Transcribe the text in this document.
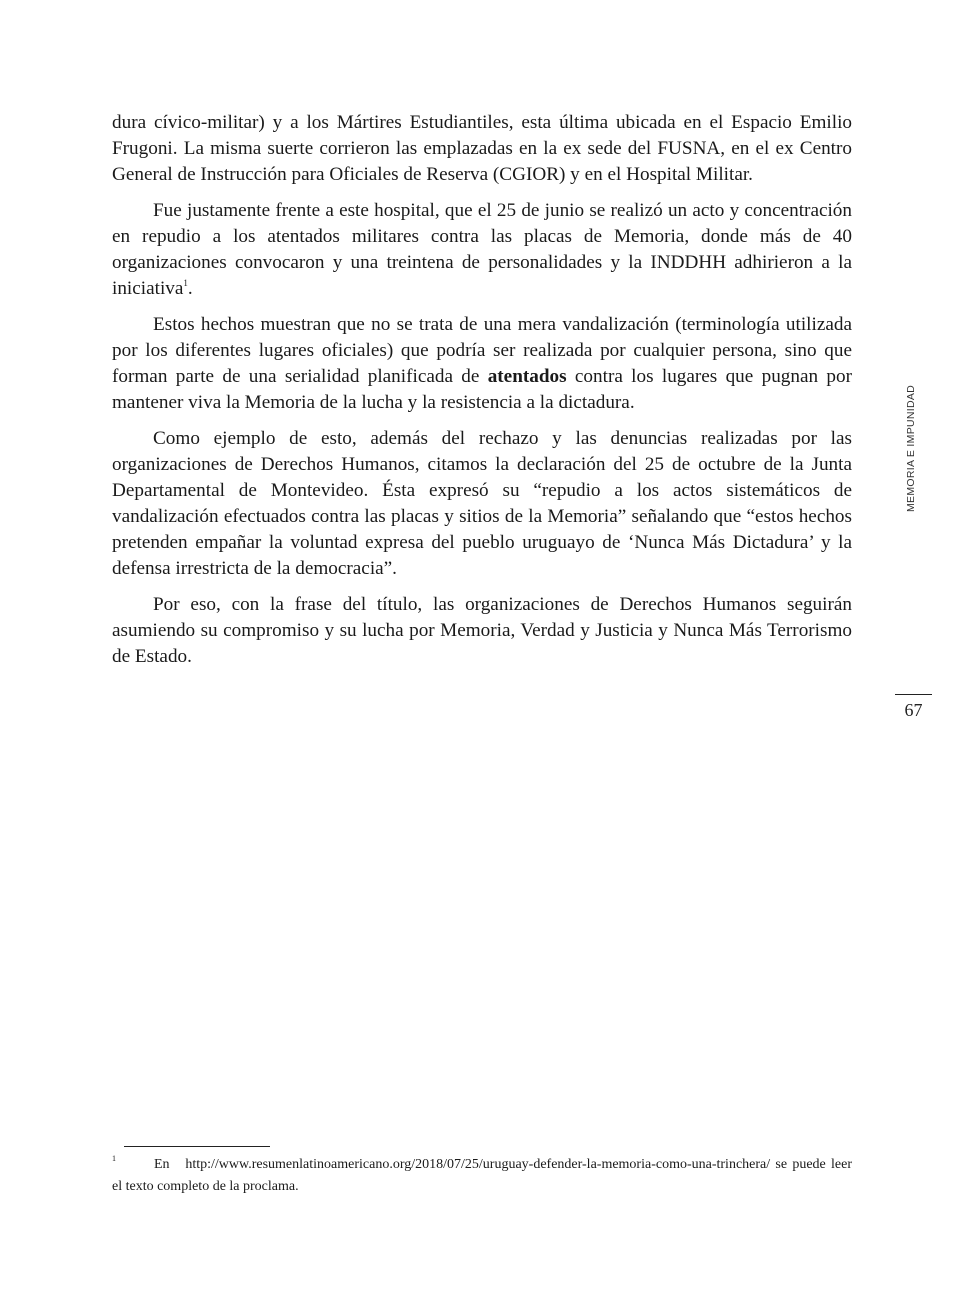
dura cívico-militar) y a los Mártires Estudiantiles, esta última ubicada en el Espacio Emilio Frugoni. La misma suerte corrieron las emplazadas en la ex sede del FUSNA, en el ex Centro General de Instrucción para Oficiales de Reserva (CGIOR) y en el Hospital Militar.

Fue justamente frente a este hospital, que el 25 de junio se realizó un acto y concentración en repudio a los atentados militares contra las placas de Memoria, donde más de 40 organizaciones convocaron y una treintena de personalidades y la INDDHH adhirieron a la iniciativa$^1$.

Estos hechos muestran que no se trata de una mera vandalización (terminología utilizada por los diferentes lugares oficiales) que podría ser realizada por cualquier persona, sino que forman parte de una serialidad planificada de atentados contra los lugares que pugnan por mantener viva la Memoria de la lucha y la resistencia a la dictadura.

Como ejemplo de esto, además del rechazo y las denuncias realizadas por las organizaciones de Derechos Humanos, citamos la declaración del 25 de octubre de la Junta Departamental de Montevideo. Ésta expresó su “repudio a los actos sistemáticos de vandalización efectuados contra las placas y sitios de la Memoria” señalando que “estos hechos pretenden empañar la voluntad expresa del pueblo uruguayo de ‘Nunca Más Dictadura’ y la defensa irrestricta de la democracia”.

Por eso, con la frase del título, las organizaciones de Derechos Humanos seguirán asumiendo su compromiso y su lucha por Memoria, Verdad y Justicia y Nunca Más Terrorismo de Estado.

MEMORIA E IMPUNIDAD
67
1	En http://www.resumenlatinoamericano.org/2018/07/25/uruguay-defender-la-memoria-como-una-trinchera/ se puede leer el texto completo de la proclama.
